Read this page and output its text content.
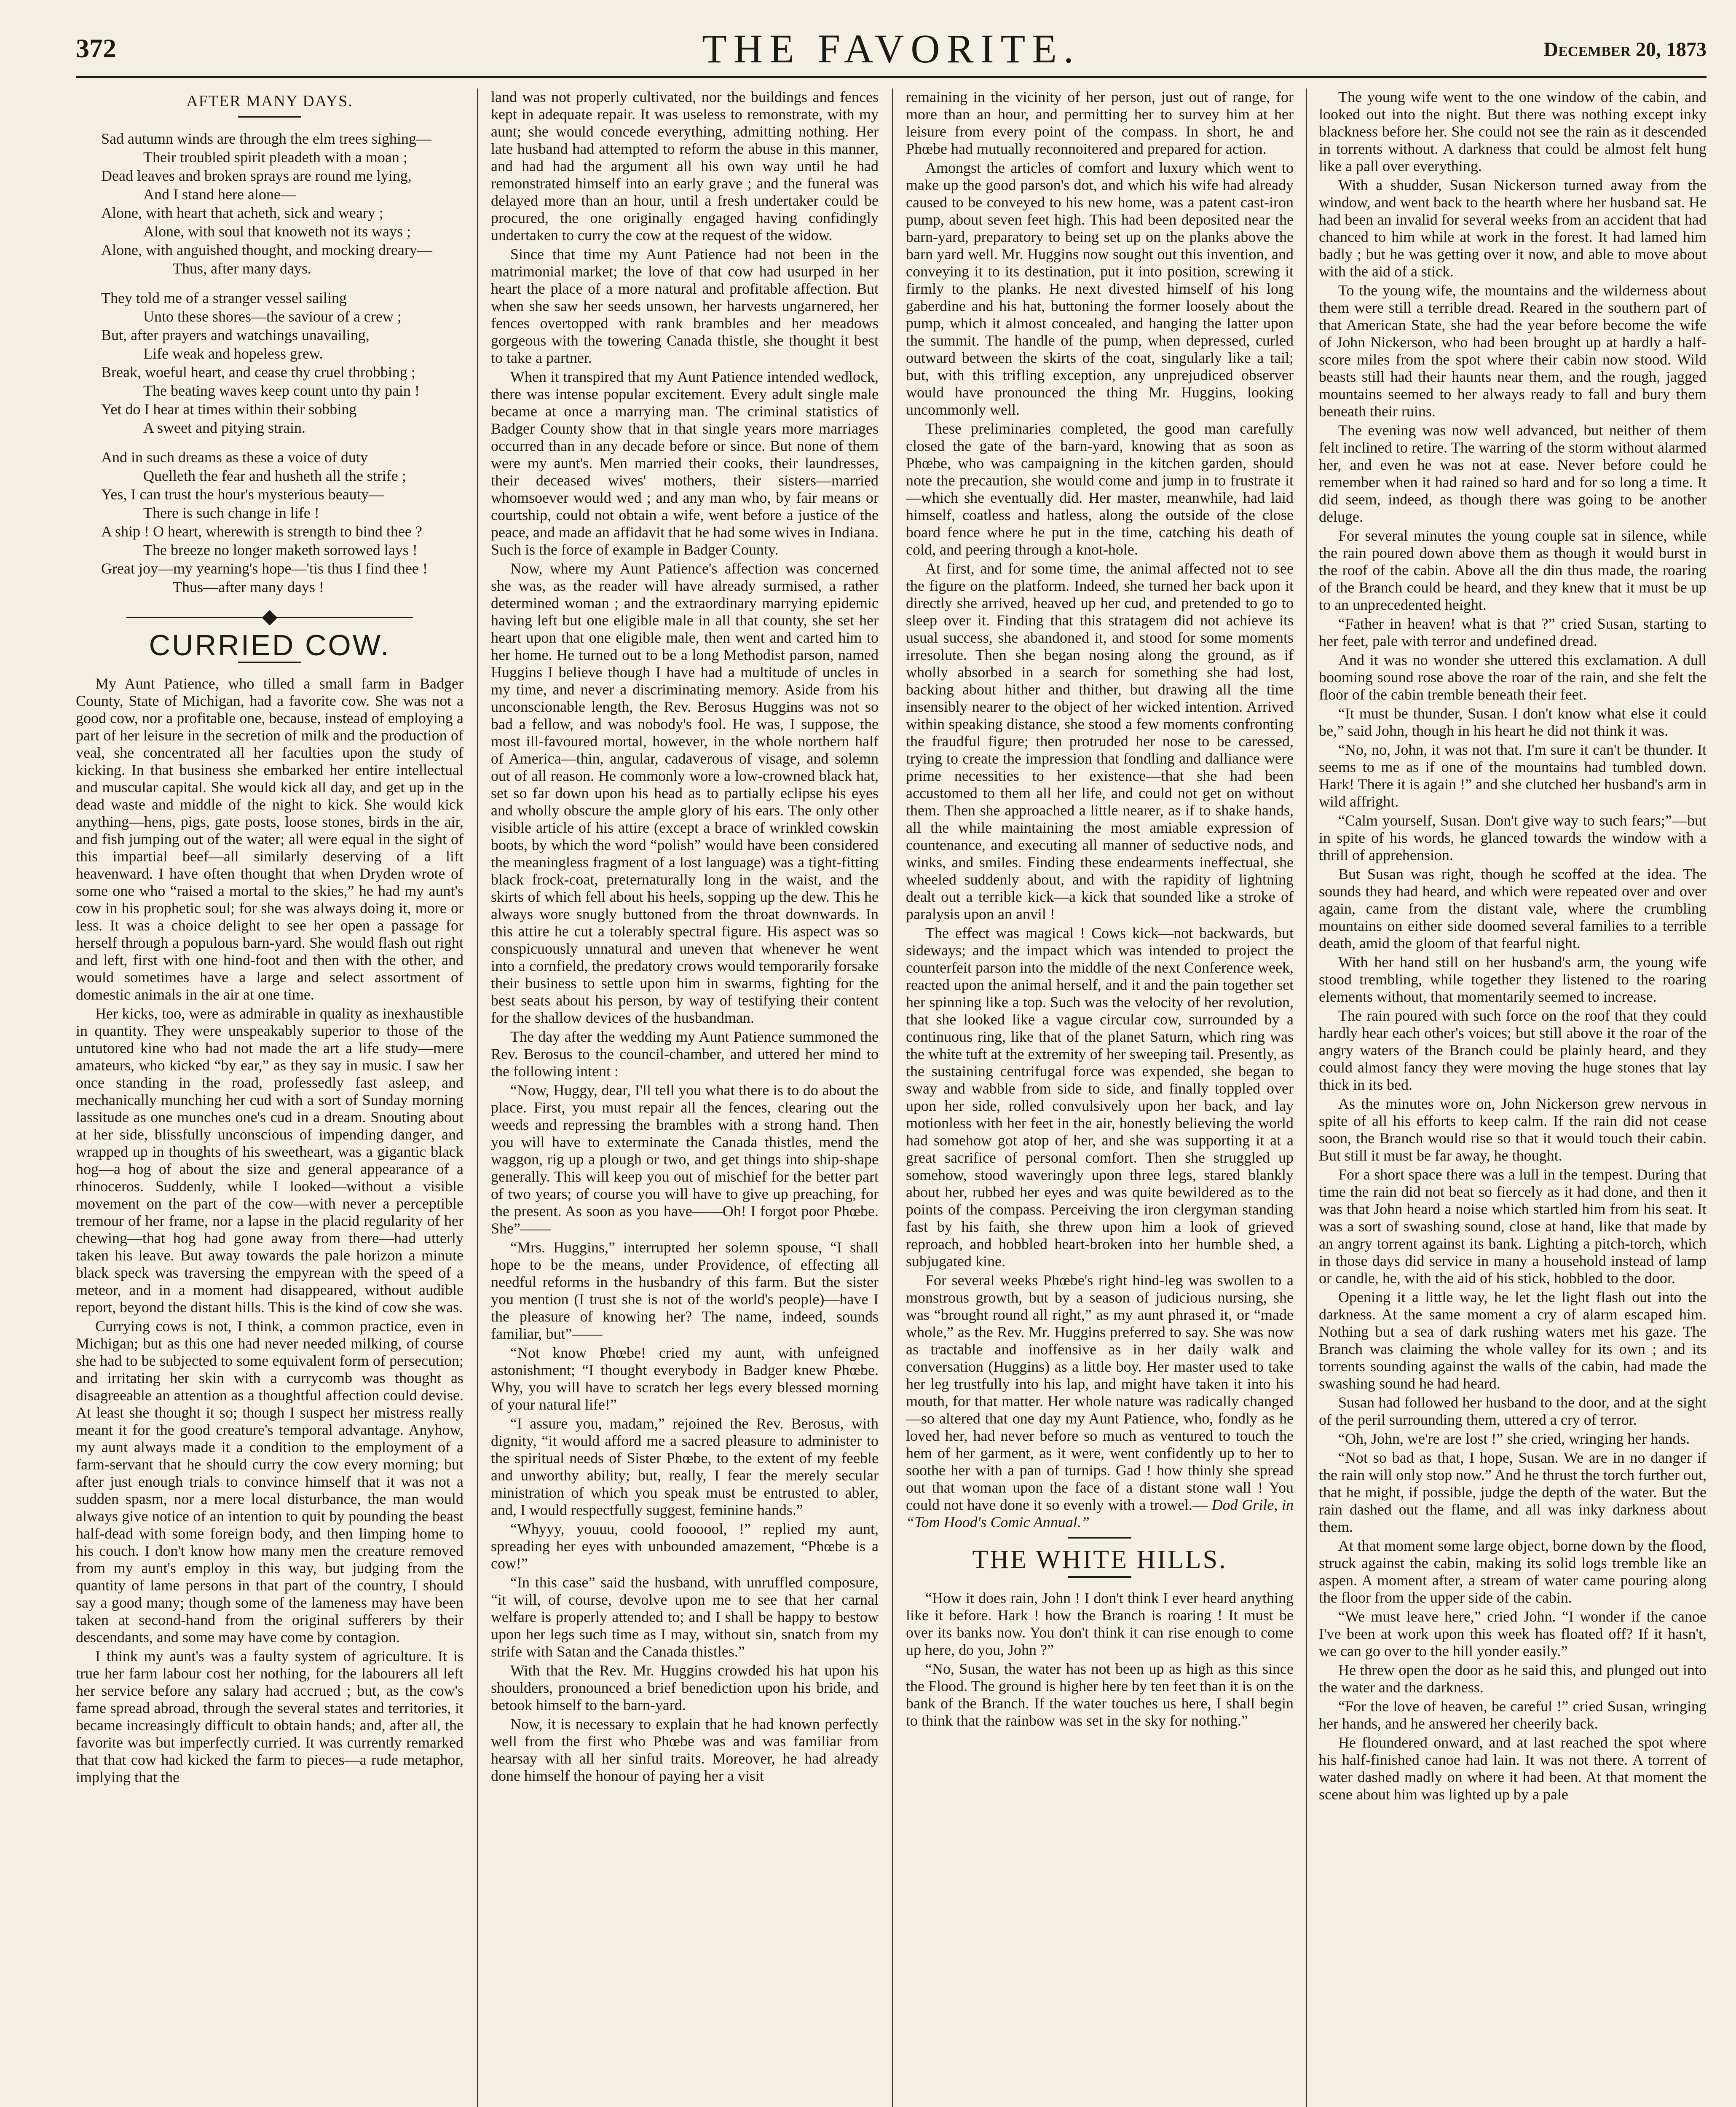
372	THE FAVORITE.	December 20, 1873
AFTER MANY DAYS.

Sad autumn winds are through the elm trees sighing—

Their troubled spirit pleadeth with a moan ;

Dead leaves and broken sprays are round me lying,

And I stand here alone—

Alone, with heart that acheth, sick and weary ;

Alone, with soul that knoweth not its ways ;

Alone, with anguished thought, and mocking dreary—

Thus, after many days.

They told me of a stranger vessel sailing

Unto these shores—the saviour of a crew ;

But, after prayers and watchings unavailing,

Life weak and hopeless grew.

Break, woeful heart, and cease thy cruel throbbing ;

The beating waves keep count unto thy pain !

Yet do I hear at times within their sobbing

A sweet and pitying strain.

And in such dreams as these a voice of duty

Quelleth the fear and husheth all the strife ;

Yes, I can trust the hour's mysterious beauty—

There is such change in life !

A ship ! O heart, wherewith is strength to bind thee ?

The breeze no longer maketh sorrowed lays !

Great joy—my yearning's hope—'tis thus I find thee !

Thus—after many days !

CURRIED COW.

My Aunt Patience, who tilled a small farm in Badger County, State of Michigan, had a favorite cow. She was not a good cow, nor a profitable one, because, instead of employing a part of her leisure in the secretion of milk and the production of veal, she concentrated all her faculties upon the study of kicking. In that business she embarked her entire intellectual and muscular capital. She would kick all day, and get up in the dead waste and middle of the night to kick. She would kick anything—hens, pigs, gate posts, loose stones, birds in the air, and fish jumping out of the water; all were equal in the sight of this impartial beef—all similarly deserving of a lift heavenward. I have often thought that when Dryden wrote of some one who “raised a mortal to the skies,” he had my aunt's cow in his prophetic soul; for she was always doing it, more or less. It was a choice delight to see her open a passage for herself through a populous barn-yard. She would flash out right and left, first with one hind-foot and then with the other, and would sometimes have a large and select assortment of domestic animals in the air at one time.

Her kicks, too, were as admirable in quality as inexhaustible in quantity. They were unspeakably superior to those of the untutored kine who had not made the art a life study—mere amateurs, who kicked “by ear,” as they say in music. I saw her once standing in the road, professedly fast asleep, and mechanically munching her cud with a sort of Sunday morning lassitude as one munches one's cud in a dream. Snouting about at her side, blissfully unconscious of impending danger, and wrapped up in thoughts of his sweetheart, was a gigantic black hog—a hog of about the size and general appearance of a rhinoceros. Suddenly, while I looked—without a visible movement on the part of the cow—with never a perceptible tremour of her frame, nor a lapse in the placid regularity of her chewing—that hog had gone away from there—had utterly taken his leave. But away towards the pale horizon a minute black speck was traversing the empyrean with the speed of a meteor, and in a moment had disappeared, without audible report, beyond the distant hills. This is the kind of cow she was.

Currying cows is not, I think, a common practice, even in Michigan; but as this one had never needed milking, of course she had to be subjected to some equivalent form of persecution; and irritating her skin with a currycomb was thought as disagreeable an attention as a thoughtful affection could devise. At least she thought it so; though I suspect her mistress really meant it for the good creature's temporal advantage. Anyhow, my aunt always made it a condition to the employment of a farm-servant that he should curry the cow every morning; but after just enough trials to convince himself that it was not a sudden spasm, nor a mere local disturbance, the man would always give notice of an intention to quit by pounding the beast half-dead with some foreign body, and then limping home to his couch. I don't know how many men the creature removed from my aunt's employ in this way, but judging from the quantity of lame persons in that part of the country, I should say a good many; though some of the lameness may have been taken at second-hand from the original sufferers by their descendants, and some may have come by contagion.

I think my aunt's was a faulty system of agriculture. It is true her farm labour cost her nothing, for the labourers all left her service before any salary had accrued ; but, as the cow's fame spread abroad, through the several states and territories, it became increasingly difficult to obtain hands; and, after all, the favorite was but imperfectly curried. It was currently remarked that that cow had kicked the farm to pieces—a rude metaphor, implying that the

land was not properly cultivated, nor the buildings and fences kept in adequate repair. It was useless to remonstrate, with my aunt; she would concede everything, admitting nothing. Her late husband had attempted to reform the abuse in this manner, and had had the argument all his own way until he had remonstrated himself into an early grave ; and the funeral was delayed more than an hour, until a fresh undertaker could be procured, the one originally engaged having confidingly undertaken to curry the cow at the request of the widow.

Since that time my Aunt Patience had not been in the matrimonial market; the love of that cow had usurped in her heart the place of a more natural and profitable affection. But when she saw her seeds unsown, her harvests ungarnered, her fences overtopped with rank brambles and her meadows gorgeous with the towering Canada thistle, she thought it best to take a partner.

When it transpired that my Aunt Patience intended wedlock, there was intense popular excitement. Every adult single male became at once a marrying man. The criminal statistics of Badger County show that in that single years more marriages occurred than in any decade before or since. But none of them were my aunt's. Men married their cooks, their laundresses, their deceased wives' mothers, their sisters—married whomsoever would wed ; and any man who, by fair means or courtship, could not obtain a wife, went before a justice of the peace, and made an affidavit that he had some wives in Indiana. Such is the force of example in Badger County.

Now, where my Aunt Patience's affection was concerned she was, as the reader will have already surmised, a rather determined woman ; and the extraordinary marrying epidemic having left but one eligible male in all that county, she set her heart upon that one eligible male, then went and carted him to her home. He turned out to be a long Methodist parson, named Huggins I believe though I have had a multitude of uncles in my time, and never a discriminating memory. Aside from his unconscionable length, the Rev. Berosus Huggins was not so bad a fellow, and was nobody's fool. He was, I suppose, the most ill-favoured mortal, however, in the whole northern half of America—thin, angular, cadaverous of visage, and solemn out of all reason. He commonly wore a low-crowned black hat, set so far down upon his head as to partially eclipse his eyes and wholly obscure the ample glory of his ears. The only other visible article of his attire (except a brace of wrinkled cowskin boots, by which the word “polish” would have been considered the meaningless fragment of a lost language) was a tight-fitting black frock-coat, preternaturally long in the waist, and the skirts of which fell about his heels, sopping up the dew. This he always wore snugly buttoned from the throat downwards. In this attire he cut a tolerably spectral figure. His aspect was so conspicuously unnatural and uneven that whenever he went into a cornfield, the predatory crows would temporarily forsake their business to settle upon him in swarms, fighting for the best seats about his person, by way of testifying their content for the shallow devices of the husbandman.

The day after the wedding my Aunt Patience summoned the Rev. Berosus to the council-chamber, and uttered her mind to the following intent :

“Now, Huggy, dear, I'll tell you what there is to do about the place. First, you must repair all the fences, clearing out the weeds and repressing the brambles with a strong hand. Then you will have to exterminate the Canada thistles, mend the waggon, rig up a plough or two, and get things into ship-shape generally. This will keep you out of mischief for the better part of two years; of course you will have to give up preaching, for the present. As soon as you have——Oh! I forgot poor Phœbe. She”——

“Mrs. Huggins,” interrupted her solemn spouse, “I shall hope to be the means, under Providence, of effecting all needful reforms in the husbandry of this farm. But the sister you mention (I trust she is not of the world's people)—have I the pleasure of knowing her? The name, indeed, sounds familiar, but”——

“Not know Phœbe! cried my aunt, with unfeigned astonishment; “I thought everybody in Badger knew Phœbe. Why, you will have to scratch her legs every blessed morning of your natural life!”

“I assure you, madam,” rejoined the Rev. Berosus, with dignity, “it would afford me a sacred pleasure to administer to the spiritual needs of Sister Phœbe, to the extent of my feeble and unworthy ability; but, really, I fear the merely secular ministration of which you speak must be entrusted to abler, and, I would respectfully suggest, feminine hands.”

“Whyyy, youuu, coold foooool, !” replied my aunt, spreading her eyes with unbounded amazement, “Phœbe is a cow!”

“In this case” said the husband, with unruffled composure, “it will, of course, devolve upon me to see that her carnal welfare is properly attended to; and I shall be happy to bestow upon her legs such time as I may, without sin, snatch from my strife with Satan and the Canada thistles.”

With that the Rev. Mr. Huggins crowded his hat upon his shoulders, pronounced a brief benediction upon his bride, and betook himself to the barn-yard.

Now, it is necessary to explain that he had known perfectly well from the first who Phœbe was and was familiar from hearsay with all her sinful traits. Moreover, he had already done himself the honour of paying her a visit

remaining in the vicinity of her person, just out of range, for more than an hour, and permitting her to survey him at her leisure from every point of the compass. In short, he and Phœbe had mutually reconnoitered and prepared for action.

Amongst the articles of comfort and luxury which went to make up the good parson's dot, and which his wife had already caused to be conveyed to his new home, was a patent cast-iron pump, about seven feet high. This had been deposited near the barn-yard, preparatory to being set up on the planks above the barn yard well. Mr. Huggins now sought out this invention, and conveying it to its destination, put it into position, screwing it firmly to the planks. He next divested himself of his long gaberdine and his hat, buttoning the former loosely about the pump, which it almost concealed, and hanging the latter upon the summit. The handle of the pump, when depressed, curled outward between the skirts of the coat, singularly like a tail; but, with this trifling exception, any unprejudiced observer would have pronounced the thing Mr. Huggins, looking uncommonly well.

These preliminaries completed, the good man carefully closed the gate of the barn-yard, knowing that as soon as Phœbe, who was campaigning in the kitchen garden, should note the precaution, she would come and jump in to frustrate it—which she eventually did. Her master, meanwhile, had laid himself, coatless and hatless, along the outside of the close board fence where he put in the time, catching his death of cold, and peering through a knot-hole.

At first, and for some time, the animal affected not to see the figure on the platform. Indeed, she turned her back upon it directly she arrived, heaved up her cud, and pretended to go to sleep over it. Finding that this stratagem did not achieve its usual success, she abandoned it, and stood for some moments irresolute. Then she began nosing along the ground, as if wholly absorbed in a search for something she had lost, backing about hither and thither, but drawing all the time insensibly nearer to the object of her wicked intention. Arrived within speaking distance, she stood a few moments confronting the fraudful figure; then protruded her nose to be caressed, trying to create the impression that fondling and dalliance were prime necessities to her existence—that she had been accustomed to them all her life, and could not get on without them. Then she approached a little nearer, as if to shake hands, all the while maintaining the most amiable expression of countenance, and executing all manner of seductive nods, and winks, and smiles. Finding these endearments ineffectual, she wheeled suddenly about, and with the rapidity of lightning dealt out a terrible kick—a kick that sounded like a stroke of paralysis upon an anvil !

The effect was magical ! Cows kick—not backwards, but sideways; and the impact which was intended to project the counterfeit parson into the middle of the next Conference week, reacted upon the animal herself, and it and the pain together set her spinning like a top. Such was the velocity of her revolution, that she looked like a vague circular cow, surrounded by a continuous ring, like that of the planet Saturn, which ring was the white tuft at the extremity of her sweeping tail. Presently, as the sustaining centrifugal force was expended, she began to sway and wabble from side to side, and finally toppled over upon her side, rolled convulsively upon her back, and lay motionless with her feet in the air, honestly believing the world had somehow got atop of her, and she was supporting it at a great sacrifice of personal comfort. Then she struggled up somehow, stood waveringly upon three legs, stared blankly about her, rubbed her eyes and was quite bewildered as to the points of the compass. Perceiving the iron clergyman standing fast by his faith, she threw upon him a look of grieved reproach, and hobbled heart-broken into her humble shed, a subjugated kine.

For several weeks Phœbe's right hind-leg was swollen to a monstrous growth, but by a season of judicious nursing, she was “brought round all right,” as my aunt phrased it, or “made whole,” as the Rev. Mr. Huggins preferred to say. She was now as tractable and inoffensive as in her daily walk and conversation (Huggins) as a little boy. Her master used to take her leg trustfully into his lap, and might have taken it into his mouth, for that matter. Her whole nature was radically changed—so altered that one day my Aunt Patience, who, fondly as he loved her, had never before so much as ventured to touch the hem of her garment, as it were, went confidently up to her to soothe her with a pan of turnips. Gad ! how thinly she spread out that woman upon the face of a distant stone wall ! You could not have done it so evenly with a trowel.— Dod Grile, in “Tom Hood's Comic Annual.”

THE WHITE HILLS.

“How it does rain, John ! I don't think I ever heard anything like it before. Hark ! how the Branch is roaring ! It must be over its banks now. You don't think it can rise enough to come up here, do you, John ?”

“No, Susan, the water has not been up as high as this since the Flood. The ground is higher here by ten feet than it is on the bank of the Branch. If the water touches us here, I shall begin to think that the rainbow was set in the sky for nothing.”

The young wife went to the one window of the cabin, and looked out into the night. But there was nothing except inky blackness before her. She could not see the rain as it descended in torrents without. A darkness that could be almost felt hung like a pall over everything.

With a shudder, Susan Nickerson turned away from the window, and went back to the hearth where her husband sat. He had been an invalid for several weeks from an accident that had chanced to him while at work in the forest. It had lamed him badly ; but he was getting over it now, and able to move about with the aid of a stick.

To the young wife, the mountains and the wilderness about them were still a terrible dread. Reared in the southern part of that American State, she had the year before become the wife of John Nickerson, who had been brought up at hardly a half-score miles from the spot where their cabin now stood. Wild beasts still had their haunts near them, and the rough, jagged mountains seemed to her always ready to fall and bury them beneath their ruins.

The evening was now well advanced, but neither of them felt inclined to retire. The warring of the storm without alarmed her, and even he was not at ease. Never before could he remember when it had rained so hard and for so long a time. It did seem, indeed, as though there was going to be another deluge.

For several minutes the young couple sat in silence, while the rain poured down above them as though it would burst in the roof of the cabin. Above all the din thus made, the roaring of the Branch could be heard, and they knew that it must be up to an unprecedented height.

“Father in heaven! what is that ?” cried Susan, starting to her feet, pale with terror and undefined dread.

And it was no wonder she uttered this exclamation. A dull booming sound rose above the roar of the rain, and she felt the floor of the cabin tremble beneath their feet.

“It must be thunder, Susan. I don't know what else it could be,” said John, though in his heart he did not think it was.

“No, no, John, it was not that. I'm sure it can't be thunder. It seems to me as if one of the mountains had tumbled down. Hark! There it is again !” and she clutched her husband's arm in wild affright.

“Calm yourself, Susan. Don't give way to such fears;”—but in spite of his words, he glanced towards the window with a thrill of apprehension.

But Susan was right, though he scoffed at the idea. The sounds they had heard, and which were repeated over and over again, came from the distant vale, where the crumbling mountains on either side doomed several families to a terrible death, amid the gloom of that fearful night.

With her hand still on her husband's arm, the young wife stood trembling, while together they listened to the roaring elements without, that momentarily seemed to increase.

The rain poured with such force on the roof that they could hardly hear each other's voices; but still above it the roar of the angry waters of the Branch could be plainly heard, and they could almost fancy they were moving the huge stones that lay thick in its bed.

As the minutes wore on, John Nickerson grew nervous in spite of all his efforts to keep calm. If the rain did not cease soon, the Branch would rise so that it would touch their cabin. But still it must be far away, he thought.

For a short space there was a lull in the tempest. During that time the rain did not beat so fiercely as it had done, and then it was that John heard a noise which startled him from his seat. It was a sort of swashing sound, close at hand, like that made by an angry torrent against its bank. Lighting a pitch-torch, which in those days did service in many a household instead of lamp or candle, he, with the aid of his stick, hobbled to the door.

Opening it a little way, he let the light flash out into the darkness. At the same moment a cry of alarm escaped him. Nothing but a sea of dark rushing waters met his gaze. The Branch was claiming the whole valley for its own ; and its torrents sounding against the walls of the cabin, had made the swashing sound he had heard.

Susan had followed her husband to the door, and at the sight of the peril surrounding them, uttered a cry of terror.

“Oh, John, we're are lost !” she cried, wringing her hands.

“Not so bad as that, I hope, Susan. We are in no danger if the rain will only stop now.” And he thrust the torch further out, that he might, if possible, judge the depth of the water. But the rain dashed out the flame, and all was inky darkness about them.

At that moment some large object, borne down by the flood, struck against the cabin, making its solid logs tremble like an aspen. A moment after, a stream of water came pouring along the floor from the upper side of the cabin.

“We must leave here,” cried John. “I wonder if the canoe I've been at work upon this week has floated off? If it hasn't, we can go over to the hill yonder easily.”

He threw open the door as he said this, and plunged out into the water and the darkness.

“For the love of heaven, be careful !” cried Susan, wringing her hands, and he answered her cheerily back.

He floundered onward, and at last reached the spot where his half-finished canoe had lain. It was not there. A torrent of water dashed madly on where it had been. At that moment the scene about him was lighted up by a pale
